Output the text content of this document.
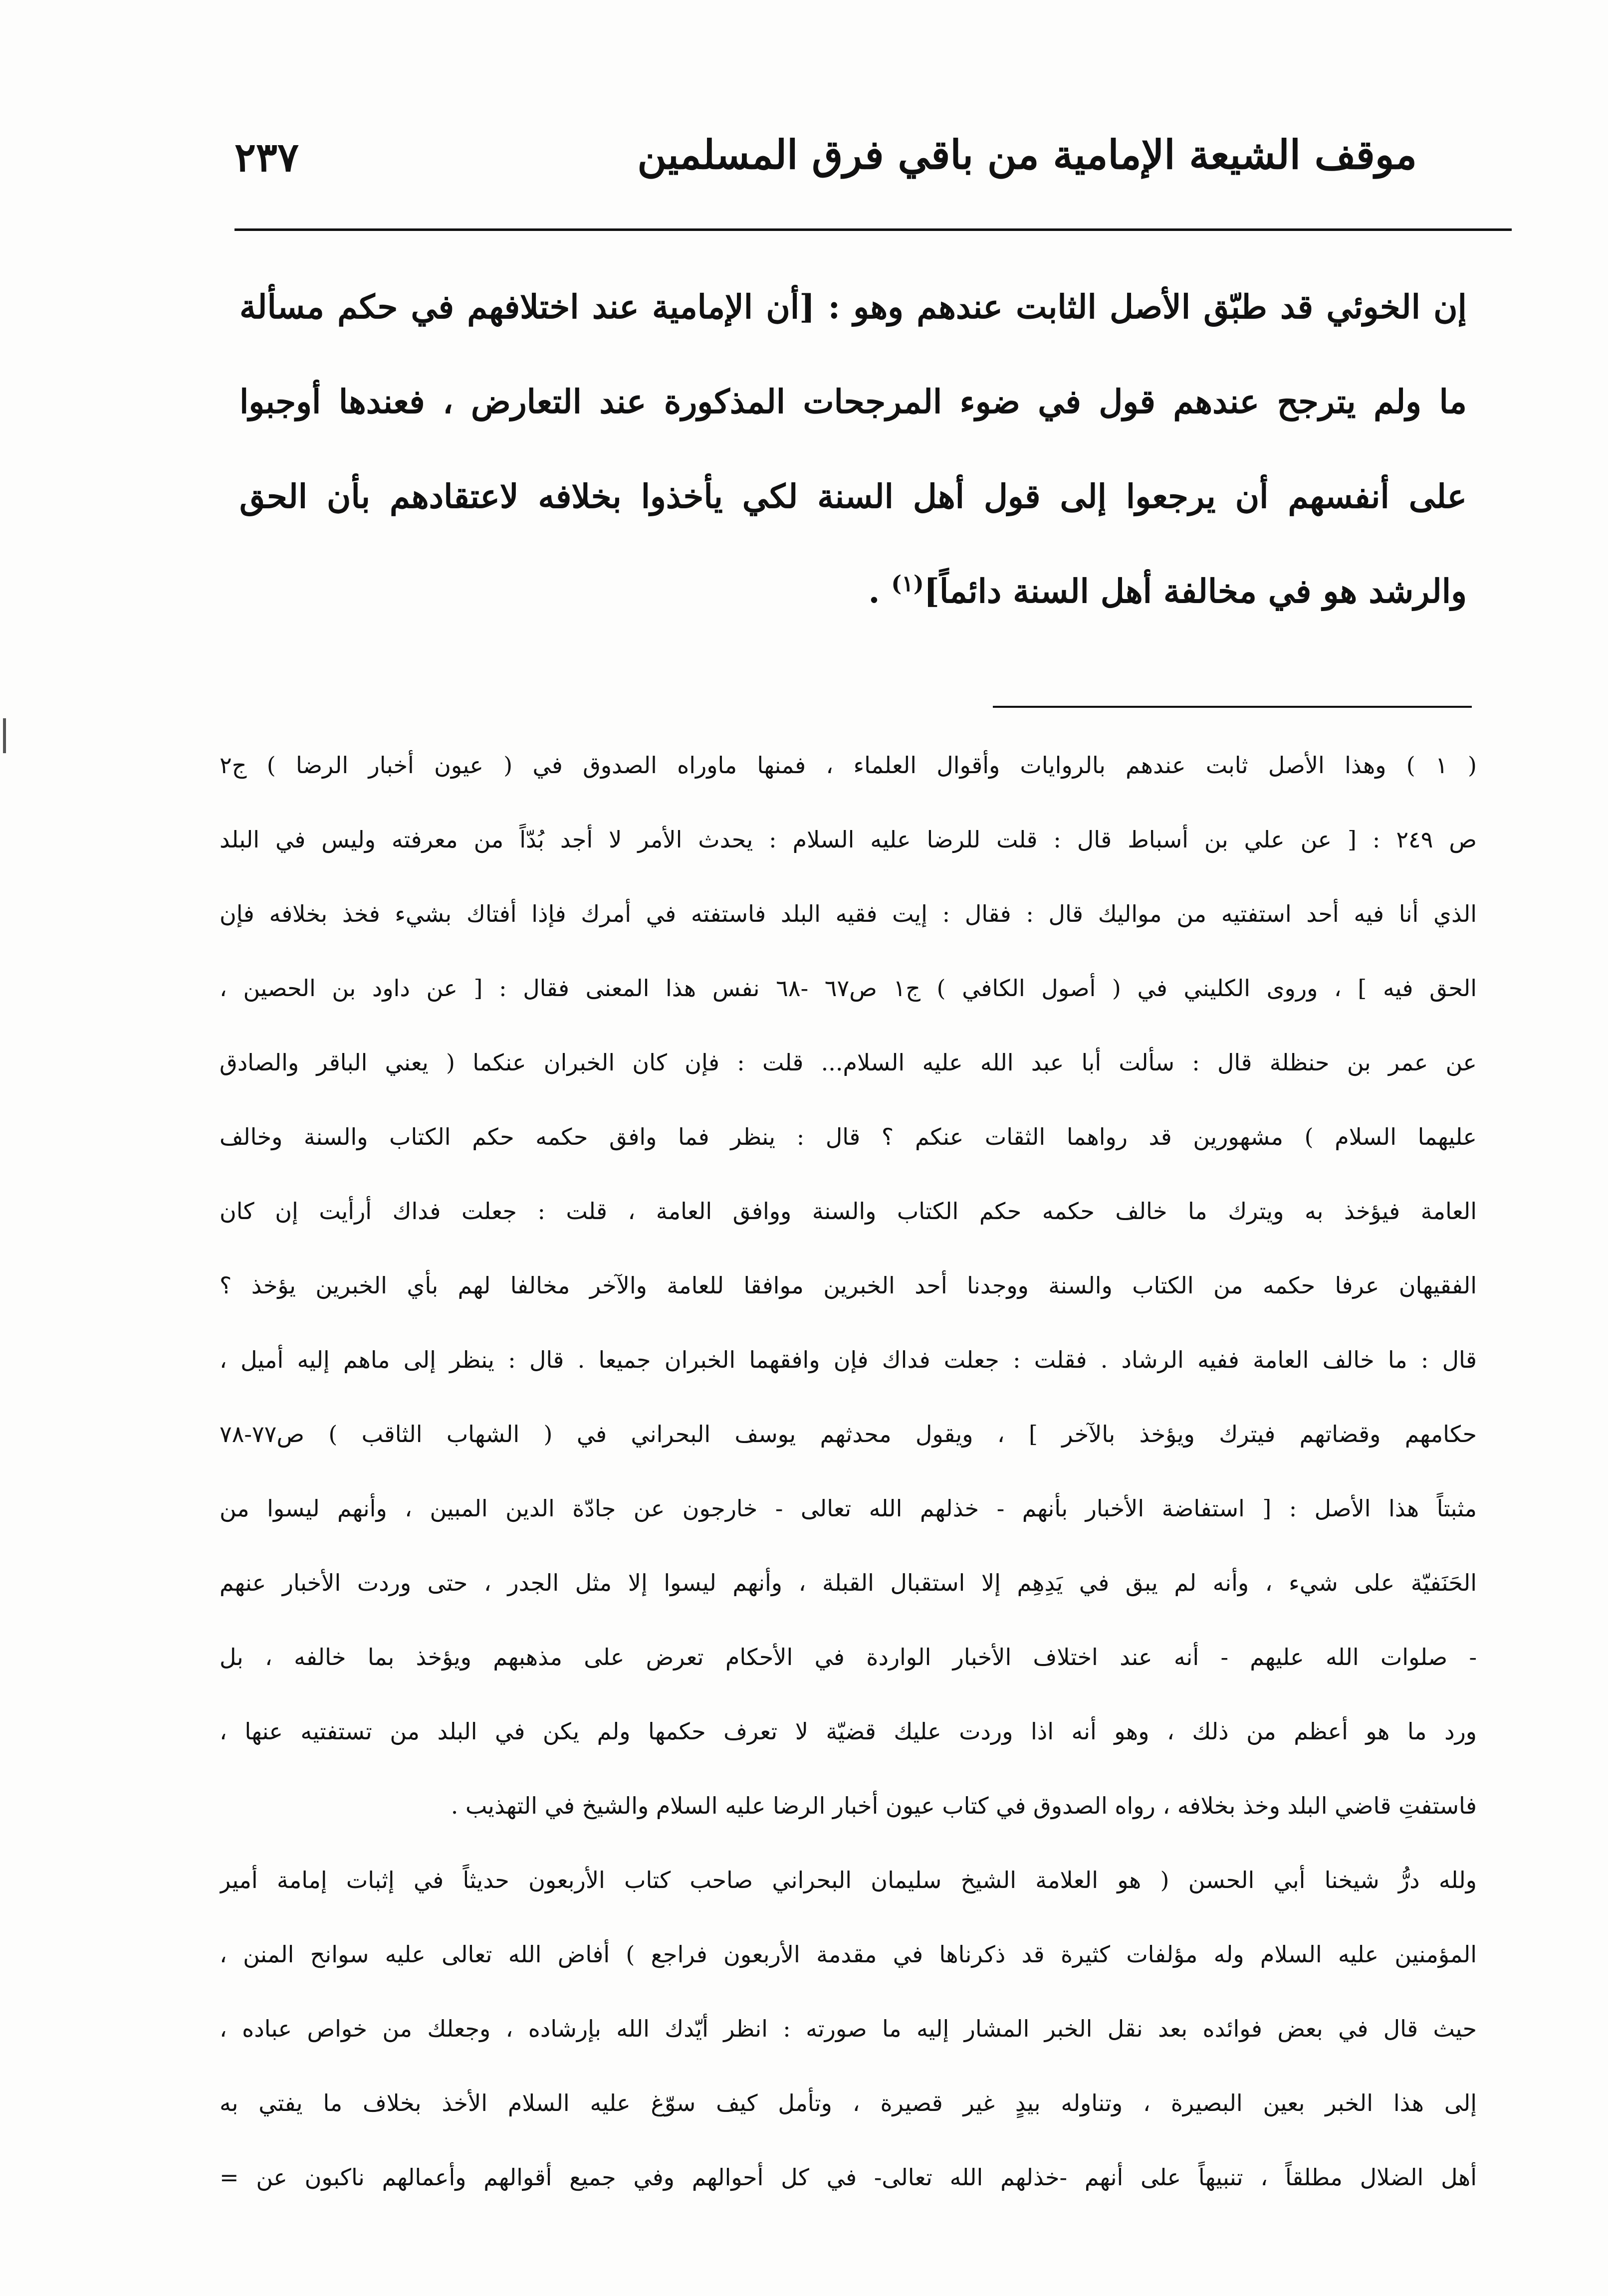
موقف الشيعة الإمامية من باقي فرق المسلمين
٢٣٧
إن الخوئي قد طبّق الأصل الثابت عندهم وهو : [أن الإمامية عند اختلافهم في حكم مسألة
ما ولم يترجح عندهم قول في ضوء المرجحات المذكورة عند التعارض ، فعندها أوجبوا
على أنفسهم أن يرجعوا إلى قول أهل السنة لكي يأخذوا بخلافه لاعتقادهم بأن الحق
والرشد هو في مخالفة أهل السنة دائماً]$^{(١)}$ .
( ١ ) وهذا الأصل ثابت عندهم بالروايات وأقوال العلماء ، فمنها ماوراه الصدوق في ( عيون أخبار الرضا ) ج٢
ص ٢٤٩ : [ عن علي بن أسباط قال : قلت للرضا عليه السلام : يحدث الأمر لا أجد بُدّاً من معرفته وليس في البلد
الذي أنا فيه أحد استفتيه من مواليك قال : فقال : إيت فقيه البلد فاستفته في أمرك فإذا أفتاك بشيء فخذ بخلافه فإن
الحق فيه ] ، وروى الكليني في ( أصول الكافي ) ج١ ص٦٧ -٦٨ نفس هذا المعنى فقال : [ عن داود بن الحصين ،
عن عمر بن حنظلة قال : سألت أبا عبد الله عليه السلام... قلت : فإن كان الخبران عنكما ( يعني الباقر والصادق
عليهما السلام ) مشهورين قد رواهما الثقات عنكم ؟ قال : ينظر فما وافق حكمه حكم الكتاب والسنة وخالف
العامة فيؤخذ به ويترك ما خالف حكمه حكم الكتاب والسنة ووافق العامة ، قلت : جعلت فداك أرأيت إن كان
الفقيهان عرفا حكمه من الكتاب والسنة ووجدنا أحد الخبرين موافقا للعامة والآخر مخالفا لهم بأي الخبرين يؤخذ ؟
قال : ما خالف العامة ففيه الرشاد . فقلت : جعلت فداك فإن وافقهما الخبران جميعا . قال : ينظر إلى ماهم إليه أميل ،
حكامهم وقضاتهم فيترك ويؤخذ بالآخر ] ، ويقول محدثهم يوسف البحراني في ( الشهاب الثاقب ) ص٧٧-٧٨
مثبتاً هذا الأصل : [ استفاضة الأخبار بأنهم - خذلهم الله تعالى - خارجون عن جادّة الدين المبين ، وأنهم ليسوا من
الحَنَفيّة على شيء ، وأنه لم يبق في يَدِهِم إلا استقبال القبلة ، وأنهم ليسوا إلا مثل الجدر ، حتى وردت الأخبار عنهم
- صلوات الله عليهم - أنه عند اختلاف الأخبار الواردة في الأحكام تعرض على مذهبهم ويؤخذ بما خالفه ، بل
ورد ما هو أعظم من ذلك ، وهو أنه اذا وردت عليك قضيّة لا تعرف حكمها ولم يكن في البلد من تستفتيه عنها ،
فاستفتِ قاضي البلد وخذ بخلافه ، رواه الصدوق في كتاب عيون أخبار الرضا عليه السلام والشيخ في التهذيب .
ولله درُّ شيخنا أبي الحسن ( هو العلامة الشيخ سليمان البحراني صاحب كتاب الأربعون حديثاً في إثبات إمامة أمير
المؤمنين عليه السلام وله مؤلفات كثيرة قد ذكرناها في مقدمة الأربعون فراجع ) أفاض الله تعالى عليه سوانح المنن ،
حيث قال في بعض فوائده بعد نقل الخبر المشار إليه ما صورته : انظر أيّدك الله بإرشاده ، وجعلك من خواص عباده ،
إلى هذا الخبر بعين البصيرة ، وتناوله بيدٍ غير قصيرة ، وتأمل كيف سوّغ عليه السلام الأخذ بخلاف ما يفتي به
أهل الضلال مطلقاً ، تنبيهاً على أنهم -خذلهم الله تعالى- في كل أحوالهم وفي جميع أقوالهم وأعمالهم ناكبون عن =
